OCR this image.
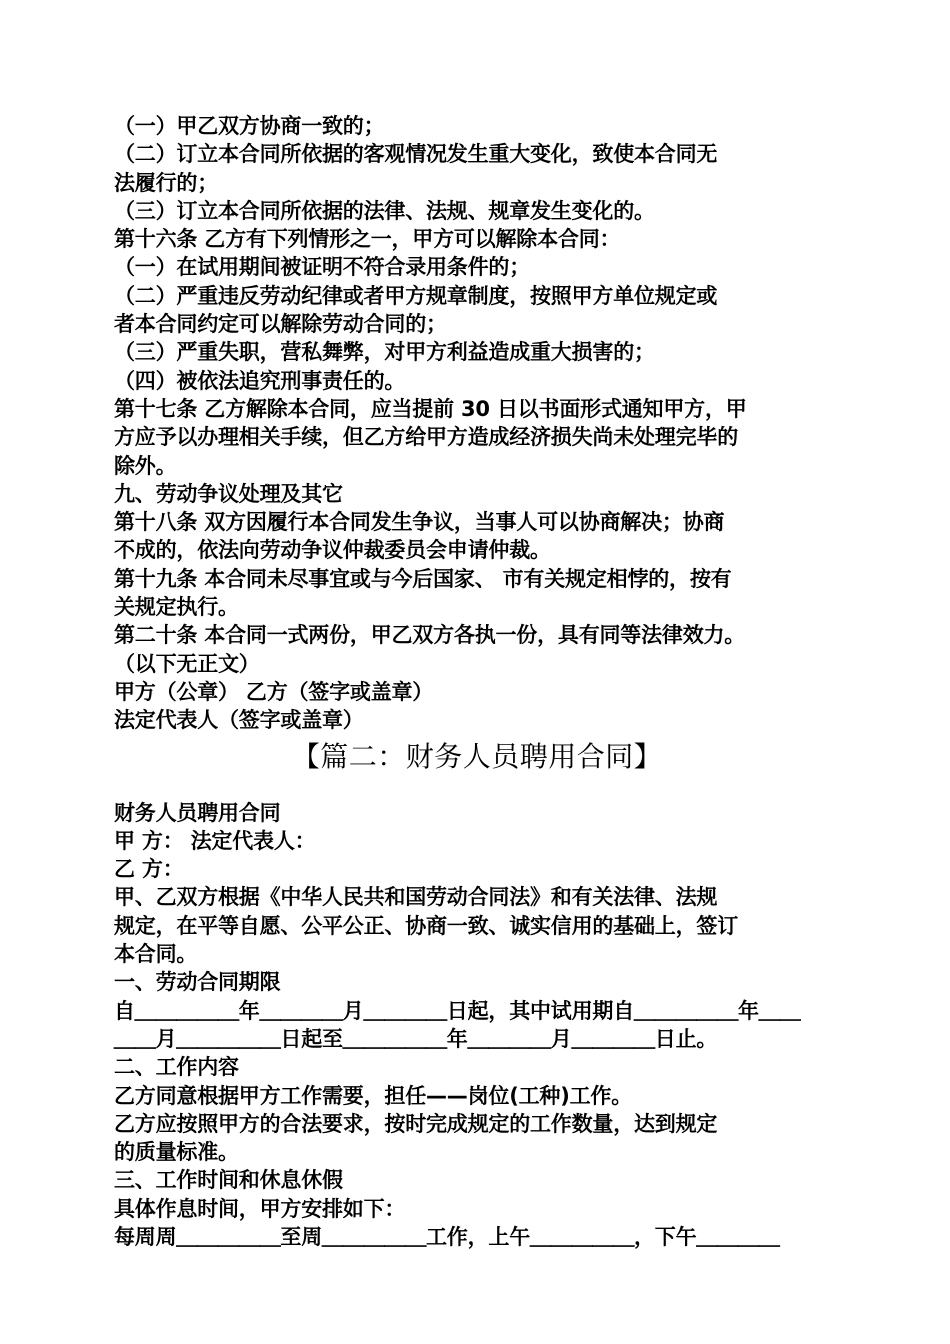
（一）甲乙双方协商一致的；
（二）订立本合同所依据的客观情况发生重大变化，致使本合同无
法履行的；
（三）订立本合同所依据的法律、法规、规章发生变化的。
第十六条 乙方有下列情形之一，甲方可以解除本合同：
（一）在试用期间被证明不符合录用条件的；
（二）严重违反劳动纪律或者甲方规章制度，按照甲方单位规定或
者本合同约定可以解除劳动合同的；
（三）严重失职，营私舞弊，对甲方利益造成重大损害的；
（四）被依法追究刑事责任的。
第十七条 乙方解除本合同，应当提前 30 日以书面形式通知甲方，甲
方应予以办理相关手续，但乙方给甲方造成经济损失尚未处理完毕的
除外。
九、劳动争议处理及其它
第十八条 双方因履行本合同发生争议，当事人可以协商解决；协商
不成的，依法向劳动争议仲裁委员会申请仲裁。
第十九条 本合同未尽事宜或与今后国家、 市有关规定相悖的，按有
关规定执行。
第二十条 本合同一式两份，甲乙双方各执一份，具有同等法律效力。
（以下无正文）
甲方（公章） 乙方（签字或盖章）
法定代表人（签字或盖章）
【篇二：财务人员聘用合同】
财务人员聘用合同
甲 方： 法定代表人：
乙 方：
甲、乙双方根据《中华人民共和国劳动合同法》和有关法律、法规
规定，在平等自愿、公平公正、协商一致、诚实信用的基础上，签订
本合同。
一、劳动合同期限
自＿＿＿＿＿年＿＿＿＿月＿＿＿＿日起，其中试用期自＿＿＿＿＿年＿＿
＿＿月＿＿＿＿＿日起至＿＿＿＿＿年＿＿＿＿月＿＿＿＿日止。
二、工作内容
乙方同意根据甲方工作需要，担任——岗位(工种)工作。
乙方应按照甲方的合法要求，按时完成规定的工作数量，达到规定
的质量标准。
三、工作时间和休息休假
具体作息时间，甲方安排如下：
每周周＿＿＿＿＿至周＿＿＿＿＿工作，上午＿＿＿＿＿，下午＿＿＿＿
